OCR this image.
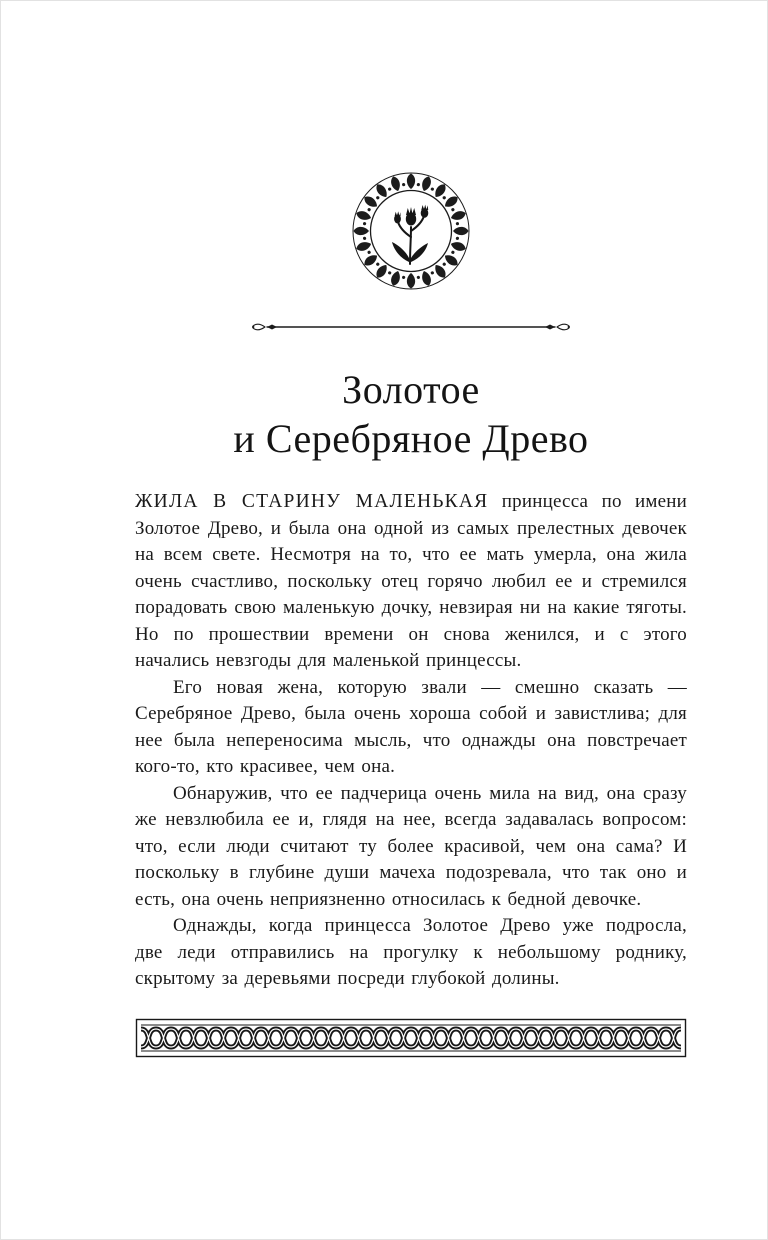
Золотое
и Серебряное Древо

ЖИЛА В СТАРИНУ МАЛЕНЬКАЯ принцесса по имени Золотое Древо, и была она одной из самых прелестных девочек на всем свете. Несмотря на то, что ее мать умерла, она жила очень счастливо, поскольку отец горячо любил ее и стремился порадовать свою маленькую дочку, невзирая ни на какие тяготы. Но по прошествии времени он снова женился, и с этого начались невзгоды для маленькой принцессы.

Его новая жена, которую звали — смешно сказать — Серебряное Древо, была очень хороша собой и завистлива; для нее была непереносима мысль, что однажды она повстречает кого-то, кто красивее, чем она.

Обнаружив, что ее падчерица очень мила на вид, она сразу же невзлюбила ее и, глядя на нее, всегда задавалась вопросом: что, если люди считают ту более красивой, чем она сама? И поскольку в глубине души мачеха подозревала, что так оно и есть, она очень неприязненно относилась к бедной девочке.

Однажды, когда принцесса Золотое Древо уже подросла, две леди отправились на прогулку к небольшому роднику, скрытому за деревьями посреди глубокой долины.
